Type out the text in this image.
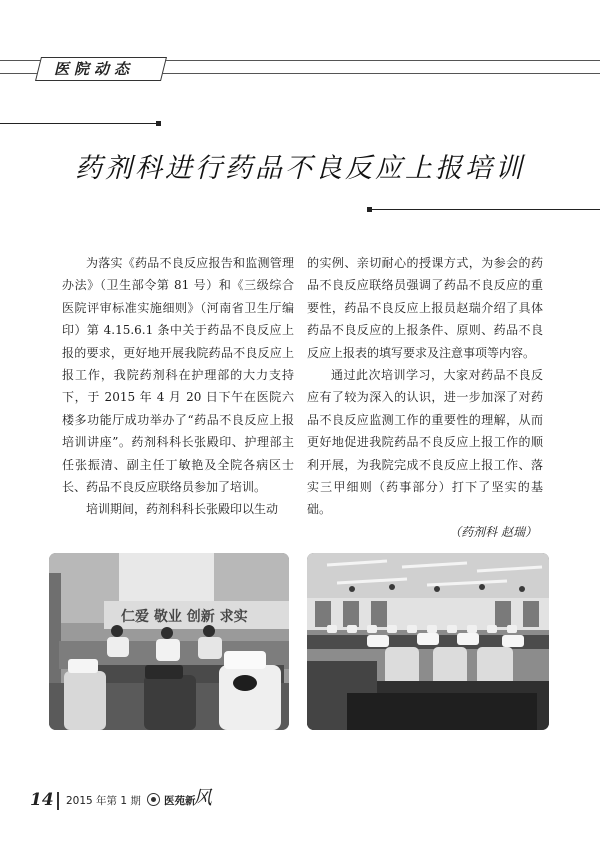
医院动态
药剂科进行药品不良反应上报培训

为落实《药品不良反应报告和监测管理办法》（卫生部令第 81 号）和《三级综合医院评审标准实施细则》（河南省卫生厅编印）第 4.15.6.1 条中关于药品不良反应上报的要求，更好地开展我院药品不良反应上报工作，我院药剂科在护理部的大力支持下，于 2015 年 4 月 20 日下午在医院六楼多功能厅成功举办了“药品不良反应上报培训讲座”。药剂科科长张殿印、护理部主任张振清、副主任丁敏艳及全院各病区士长、药品不良反应联络员参加了培训。

培训期间，药剂科科长张殿印以生动

的实例、亲切耐心的授课方式，为参会的药品不良反应联络员强调了药品不良反应的重要性，药品不良反应上报员赵瑞介绍了具体药品不良反应的上报条件、原则、药品不良反应上报表的填写要求及注意事项等内容。

通过此次培训学习，大家对药品不良反应有了较为深入的认识，进一步加深了对药品不良反应监测工作的重要性的理解，从而更好地促进我院药品不良反应上报工作的顺利开展，为我院完成不良反应上报工作、落实三甲细则（药事部分）打下了坚实的基础。

（药剂科 赵瑞）

仁爱 敬业 创新 求实
14 2015 年第 1 期 医苑新
风
